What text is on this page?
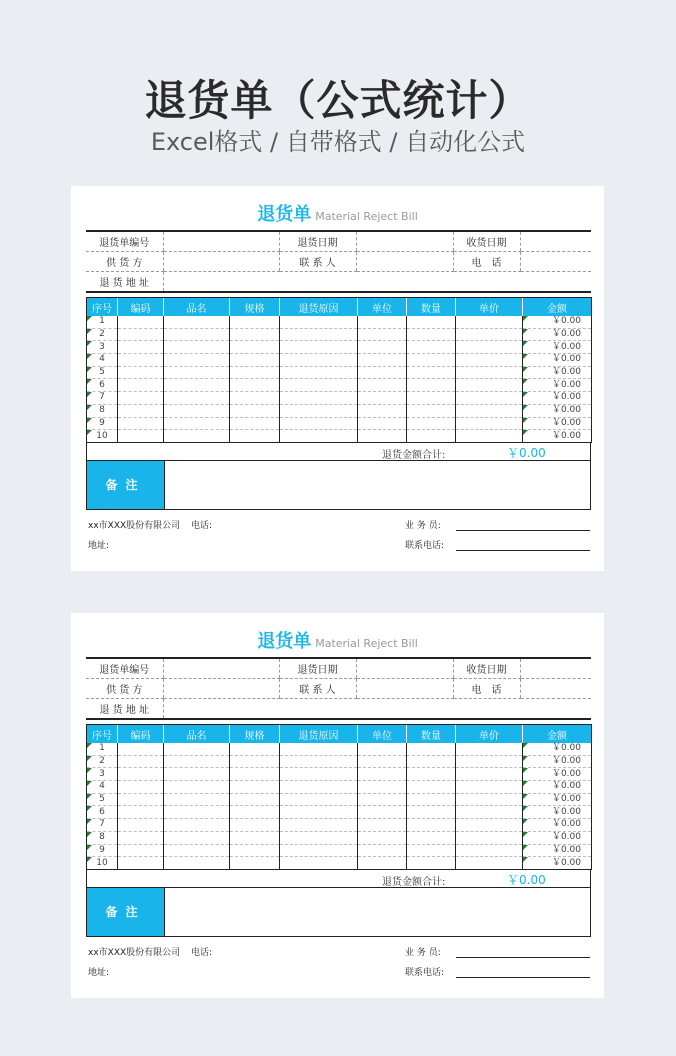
退货单（公式统计）
Excel格式 / 自带格式 / 自动化公式
退货单 Material Reject Bill
退货单编号		退货日期		收货日期	
供 货 方		联 系 人		电　话	
退 货 地 址					
序号	编码	品名	规格	退货原因	单位	数量	单价	金额

1								￥0.00

2								￥0.00

3								￥0.00

4								￥0.00

5								￥0.00

6								￥0.00

7								￥0.00

8								￥0.00

9								￥0.00

10								￥0.00
退货金额合计:	￥0.00
备注
xx市XXX股份有限公司 电话:
地址:
业 务 员:
联系电话:
退货单 Material Reject Bill
退货单编号		退货日期		收货日期	
供 货 方		联 系 人		电　话	
退 货 地 址					
序号	编码	品名	规格	退货原因	单位	数量	单价	金额

1								￥0.00

2								￥0.00

3								￥0.00

4								￥0.00

5								￥0.00

6								￥0.00

7								￥0.00

8								￥0.00

9								￥0.00

10								￥0.00
退货金额合计:	￥0.00
备注
xx市XXX股份有限公司 电话:
地址:
业 务 员:
联系电话:
